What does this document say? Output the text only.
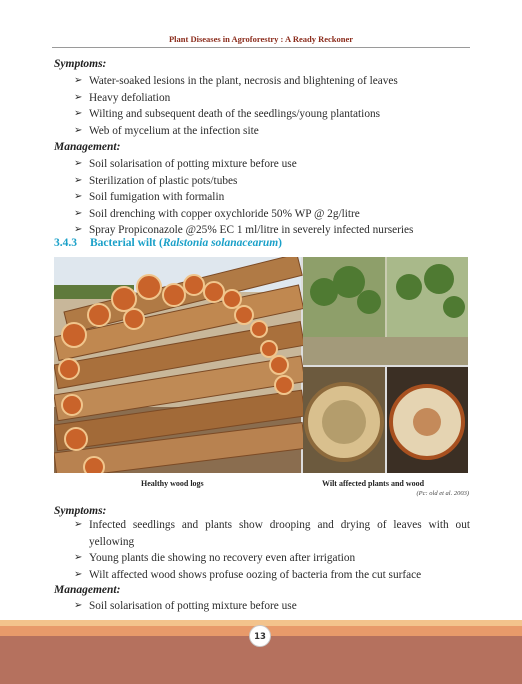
Plant Diseases in Agroforestry : A Ready Reckoner
Symptoms:
➢ Water-soaked lesions in the plant, necrosis and blightening of leaves
➢ Heavy defoliation
➢ Wilting and subsequent death of the seedlings/young plantations
➢ Web of mycelium at the infection site
Management:
➢ Soil solarisation of potting mixture before use
➢ Sterilization of plastic pots/tubes
➢ Soil fumigation with formalin
➢ Soil drenching with copper oxychloride 50% WP @ 2g/litre
➢ Spray Propiconazole @25% EC 1 ml/litre in severely infected nurseries
3.4.3 Bacterial wilt (Ralstonia solanacearum)
Healthy wood logs	Wilt affected plants and wood
(Pc: old et al. 2003)
Symptoms:
➢ Infected seedlings and plants show drooping and drying of leaves with out yellowing
➢ Young plants die showing no recovery even after irrigation
➢ Wilt affected wood shows profuse oozing of bacteria from the cut surface
Management:
➢ Soil solarisation of potting mixture before use
13
